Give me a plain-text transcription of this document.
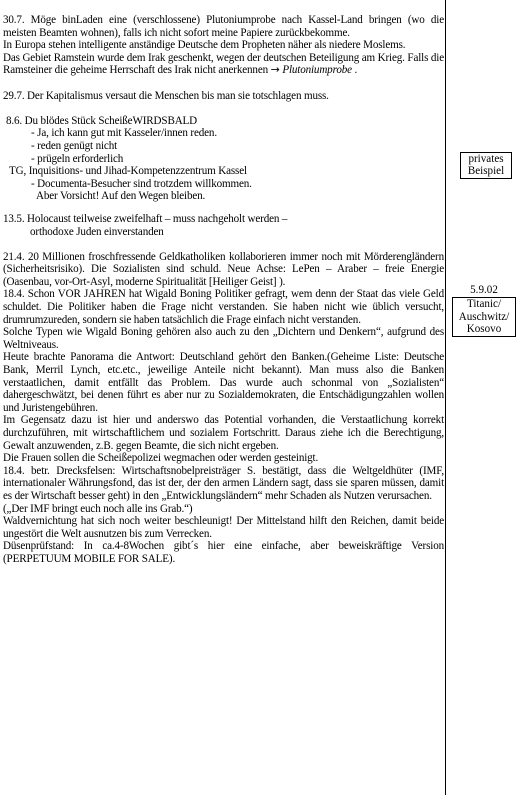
30.7. Möge binLaden eine (verschlossene) Plutoniumprobe nach Kassel-Land bringen (wo die meisten Beamten wohnen), falls ich nicht sofort meine Papiere zurückbekomme.
In Europa stehen intelligente anständige Deutsche dem Propheten näher als niedere Moslems.
Das Gebiet Ramstein wurde dem Irak geschenkt, wegen der deutschen Beteiligung am Krieg. Falls die Ramsteiner die geheime Herrschaft des Irak nicht anerkennen → Plutoniumprobe .
29.7. Der Kapitalismus versaut die Menschen bis man sie totschlagen muss.
8.6. Du blödes Stück ScheißeWIRDSBALD
- Ja, ich kann gut mit Kasseler/innen reden.
- reden genügt nicht
- prügeln erforderlich
TG, Inquisitions- und Jihad-Kompetenzzentrum Kassel
- Documenta-Besucher sind trotzdem willkommen.
Aber Vorsicht! Auf den Wegen bleiben.
13.5. Holocaust teilweise zweifelhaft – muss nachgeholt werden –
orthodoxe Juden einverstanden
21.4. 20 Millionen froschfressende Geldkatholiken kollaborieren immer noch mit Mörderengländern (Sicherheitsrisiko). Die Sozialisten sind schuld. Neue Achse: LePen – Araber – freie Energie (Oasenbau, vor-Ort-Asyl, moderne Spiritualität [Heiliger Geist] ).
18.4. Schon VOR JAHREN hat Wigald Boning Politiker gefragt, wem denn der Staat das viele Geld schuldet. Die Politiker haben die Frage nicht verstanden. Sie haben nicht wie üblich versucht, drumrumzureden, sondern sie haben tatsächlich die Frage einfach nicht verstanden.
Solche Typen wie Wigald Boning gehören also auch zu den „Dichtern und Denkern“, aufgrund des Weltniveaus.
Heute brachte Panorama die Antwort: Deutschland gehört den Banken.(Geheime Liste: Deutsche Bank, Merril Lynch, etc.etc., jeweilige Anteile nicht bekannt). Man muss also die Banken verstaatlichen, damit entfällt das Problem. Das wurde auch schonmal von „Sozialisten“ dahergeschwätzt, bei denen führt es aber nur zu Sozialdemokraten, die Entschädigungzahlen wollen und Juristengebühren.
Im Gegensatz dazu ist hier und anderswo das Potential vorhanden, die Verstaatlichung korrekt durchzuführen, mit wirtschaftlichem und sozialem Fortschritt. Daraus ziehe ich die Berechtigung, Gewalt anzuwenden, z.B. gegen Beamte, die sich nicht ergeben.
Die Frauen sollen die Scheißepolizei wegmachen oder werden gesteinigt.
18.4. betr. Drecksfelsen: Wirtschaftsnobelpreisträger S. bestätigt, dass die Weltgeldhüter (IMF, internationaler Währungsfond, das ist der, der den armen Ländern sagt, dass sie sparen müssen, damit es der Wirtschaft besser geht) in den „Entwicklungsländern“ mehr Schaden als Nutzen verursachen.
(„Der IMF bringt euch noch alle ins Grab.“)
Waldvernichtung hat sich noch weiter beschleunigt! Der Mittelstand hilft den Reichen, damit beide ungestört die Welt ausnutzen bis zum Verrecken.
Düsenprüfstand: In ca.4-8Wochen gibt´s hier eine einfache, aber beweiskräftige Version (PERPETUUM MOBILE FOR SALE).
privates Beispiel
5.9.02
Titanic/
Auschwitz/
Kosovo
